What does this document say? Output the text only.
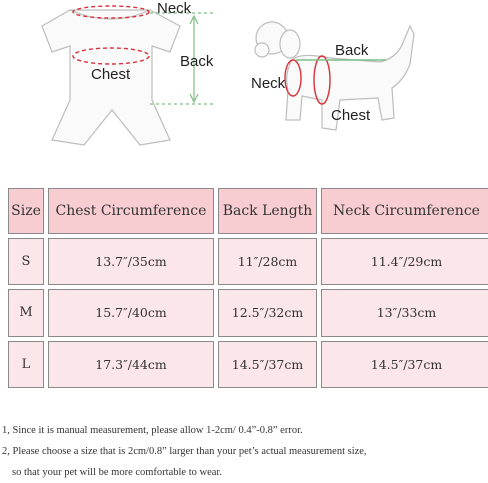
Neck
Back
Chest
Back
Neck
Chest
Size	Chest Circumference	Back Length	Neck Circumference
S	13.7″/35cm	11″/28cm	11.4″/29cm
M	15.7″/40cm	12.5″/32cm	13″/33cm
L	17.3″/44cm	14.5″/37cm	14.5″/37cm
1, Since it is manual measurement, please allow 1-2cm/ 0.4”-0.8” error.
2, Please choose a size that is 2cm/0.8” larger than your pet’s actual measurement size,
so that your pet will be more comfortable to wear.
